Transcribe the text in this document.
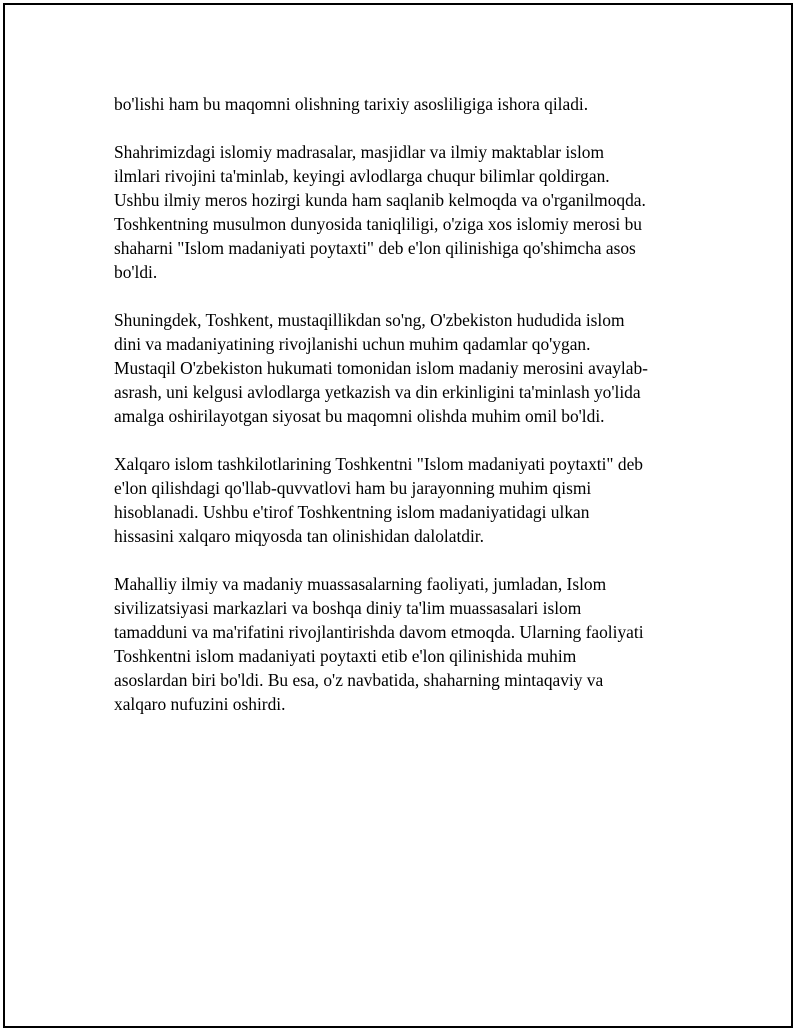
bo'lishi ham bu maqomni olishning tarixiy asosliligiga ishora qiladi.

Shahrimizdagi islomiy madrasalar, masjidlar va ilmiy maktablar islom
ilmlari rivojini ta'minlab, keyingi avlodlarga chuqur bilimlar qoldirgan.
Ushbu ilmiy meros hozirgi kunda ham saqlanib kelmoqda va o'rganilmoqda.
Toshkentning musulmon dunyosida taniqliligi, o'ziga xos islomiy merosi bu
shaharni "Islom madaniyati poytaxti" deb e'lon qilinishiga qo'shimcha asos
bo'ldi.

Shuningdek, Toshkent, mustaqillikdan so'ng, O'zbekiston hududida islom
dini va madaniyatining rivojlanishi uchun muhim qadamlar qo'ygan.
Mustaqil O'zbekiston hukumati tomonidan islom madaniy merosini avaylab-
asrash, uni kelgusi avlodlarga yetkazish va din erkinligini ta'minlash yo'lida
amalga oshirilayotgan siyosat bu maqomni olishda muhim omil bo'ldi.

Xalqaro islom tashkilotlarining Toshkentni "Islom madaniyati poytaxti" deb
e'lon qilishdagi qo'llab-quvvatlovi ham bu jarayonning muhim qismi
hisoblanadi. Ushbu e'tirof Toshkentning islom madaniyatidagi ulkan
hissasini xalqaro miqyosda tan olinishidan dalolatdir.

Mahalliy ilmiy va madaniy muassasalarning faoliyati, jumladan, Islom
sivilizatsiyasi markazlari va boshqa diniy ta'lim muassasalari islom
tamadduni va ma'rifatini rivojlantirishda davom etmoqda. Ularning faoliyati
Toshkentni islom madaniyati poytaxti etib e'lon qilinishida muhim
asoslardan biri bo'ldi. Bu esa, o'z navbatida, shaharning mintaqaviy va
xalqaro nufuzini oshirdi.
